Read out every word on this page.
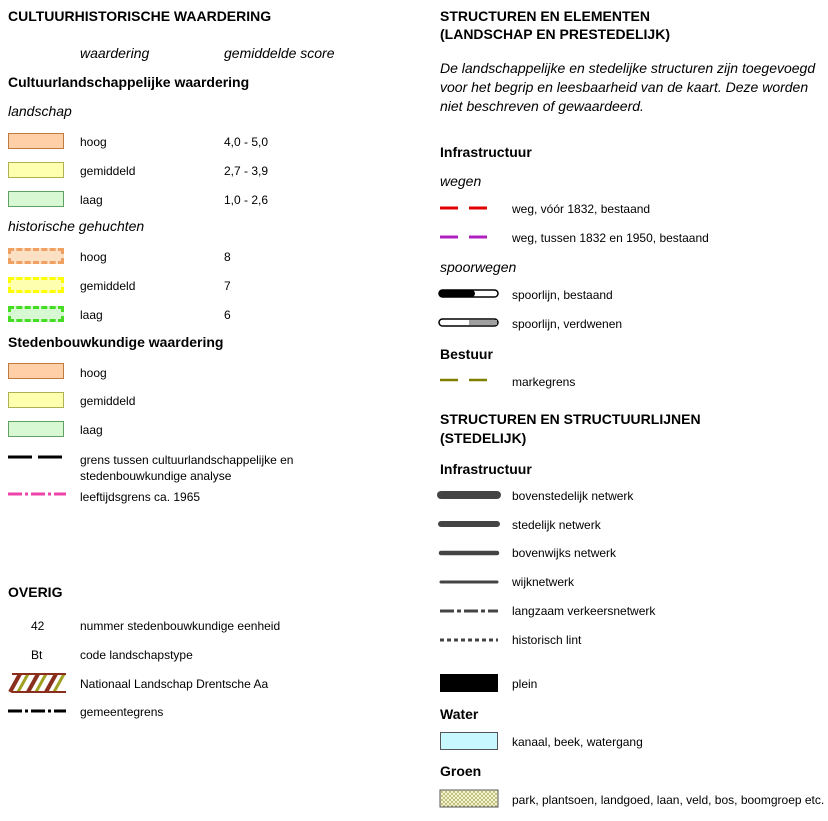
CULTUURHISTORISCHE WAARDERING
waardering	gemiddelde score
Cultuurlandschappelijke waardering
landschap
hoog	4,0 - 5,0
gemiddeld	2,7 - 3,9
laag	1,0 - 2,6
historische gehuchten
hoog	8
gemiddeld	7
laag	6
Stedenbouwkundige waardering
hoog
gemiddeld
laag
grens tussen cultuurlandschappelijke en
stedenbouwkundige analyse
leeftijdsgrens ca. 1965
OVERIG
42	nummer stedenbouwkundige eenheid
Bt	code landschapstype
Nationaal Landschap Drentsche Aa
gemeentegrens
STRUCTUREN EN ELEMENTEN
(LANDSCHAP EN PRESTEDELIJK)
De landschappelijke en stedelijke structuren zijn toegevoegd
voor het begrip en leesbaarheid van de kaart. Deze worden
niet beschreven of gewaardeerd.
Infrastructuur
wegen
weg, vóór 1832, bestaand
weg, tussen 1832 en 1950, bestaand
spoorwegen
spoorlijn, bestaand
spoorlijn, verdwenen
Bestuur
markegrens
STRUCTUREN EN STRUCTUURLIJNEN
(STEDELIJK)
Infrastructuur
bovenstedelijk netwerk
stedelijk netwerk
bovenwijks netwerk
wijknetwerk
langzaam verkeersnetwerk
historisch lint
plein
Water
kanaal, beek, watergang
Groen
park, plantsoen, landgoed, laan, veld, bos, boomgroep etc.
